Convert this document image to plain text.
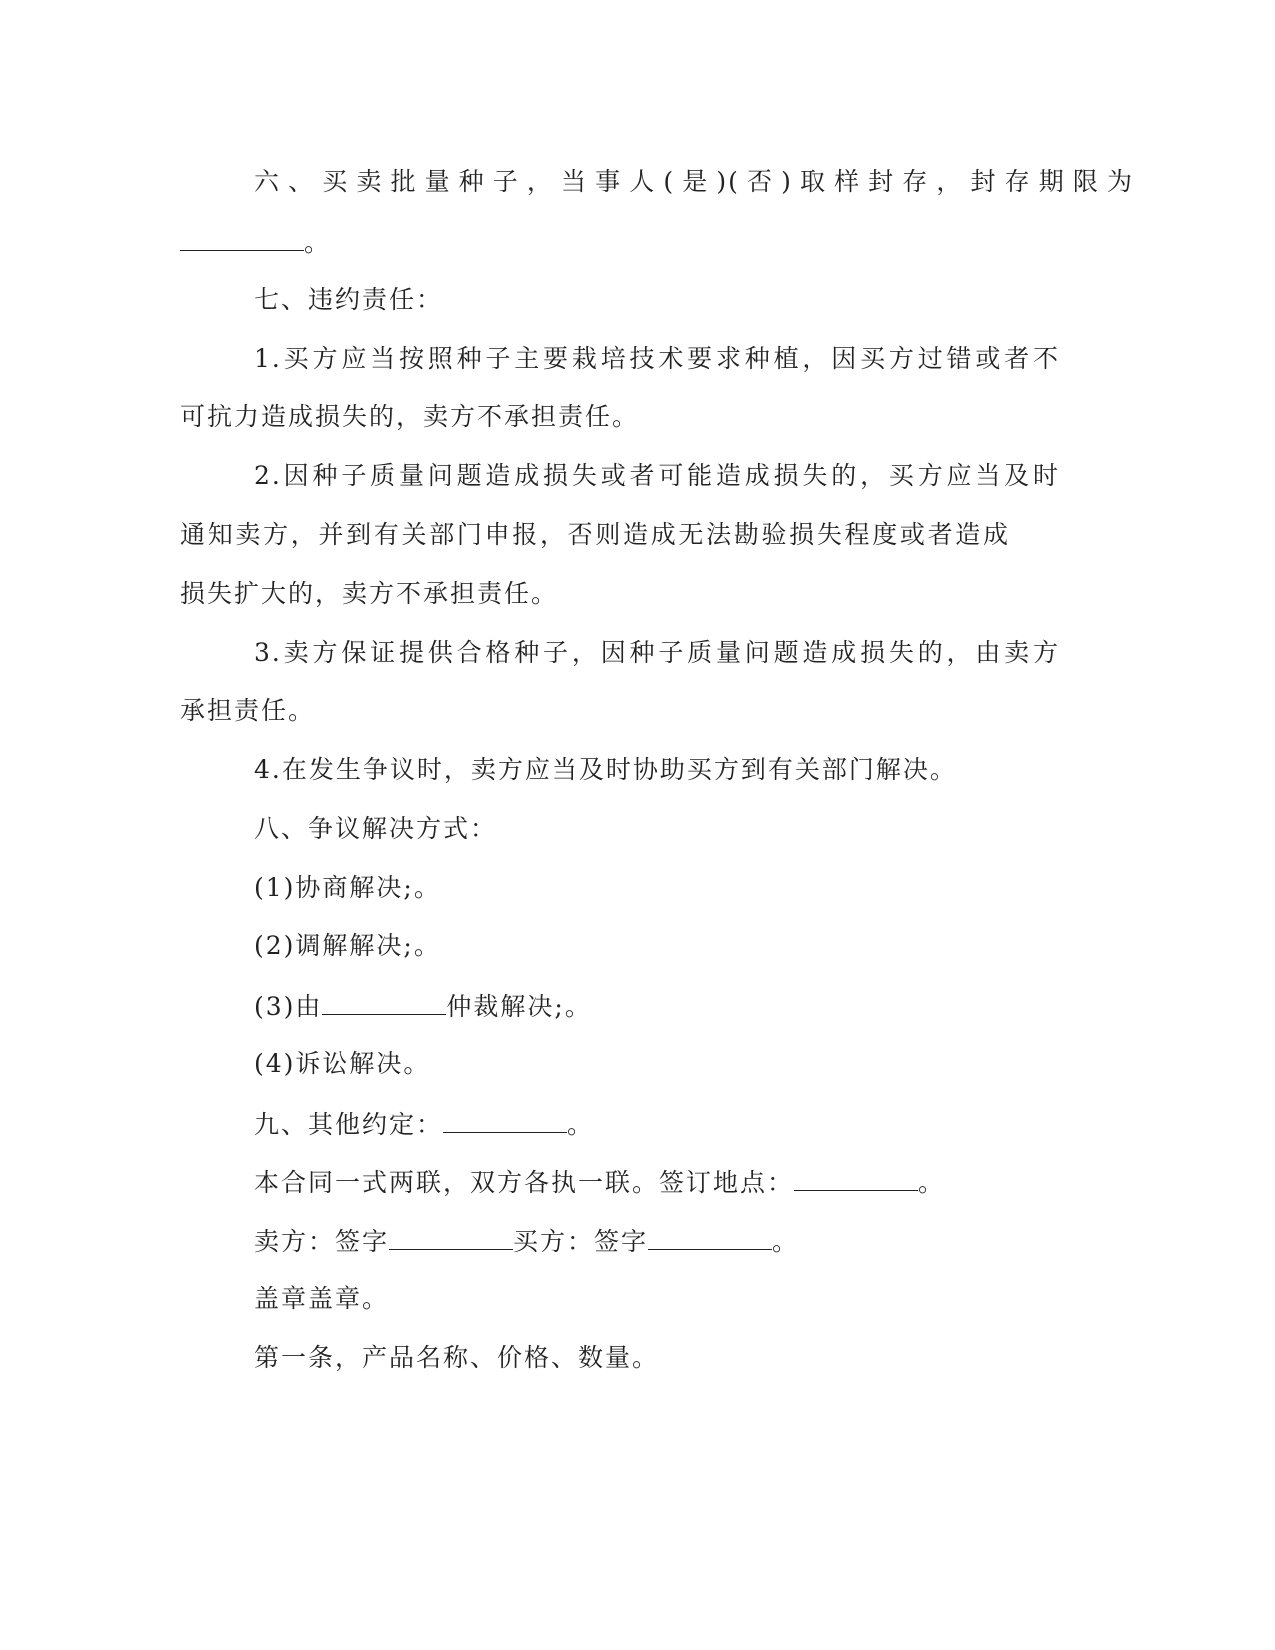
六、买卖批量种子，当事人(是)(否)取样封存，封存期限为
。
七、违约责任：
1.买方应当按照种子主要栽培技术要求种植，因买方过错或者不
可抗力造成损失的，卖方不承担责任。
2.因种子质量问题造成损失或者可能造成损失的，买方应当及时
通知卖方，并到有关部门申报，否则造成无法勘验损失程度或者造成
损失扩大的，卖方不承担责任。
3.卖方保证提供合格种子，因种子质量问题造成损失的，由卖方
承担责任。
4.在发生争议时，卖方应当及时协助买方到有关部门解决。
八、争议解决方式：
(1)协商解决;。
(2)调解解决;。
(3)由	仲裁解决;。
(4)诉讼解决。
九、其他约定：	。
本合同一式两联，双方各执一联。签订地点：	。
卖方：签字	买方：签字	。
盖章盖章。
第一条，产品名称、价格、数量。
